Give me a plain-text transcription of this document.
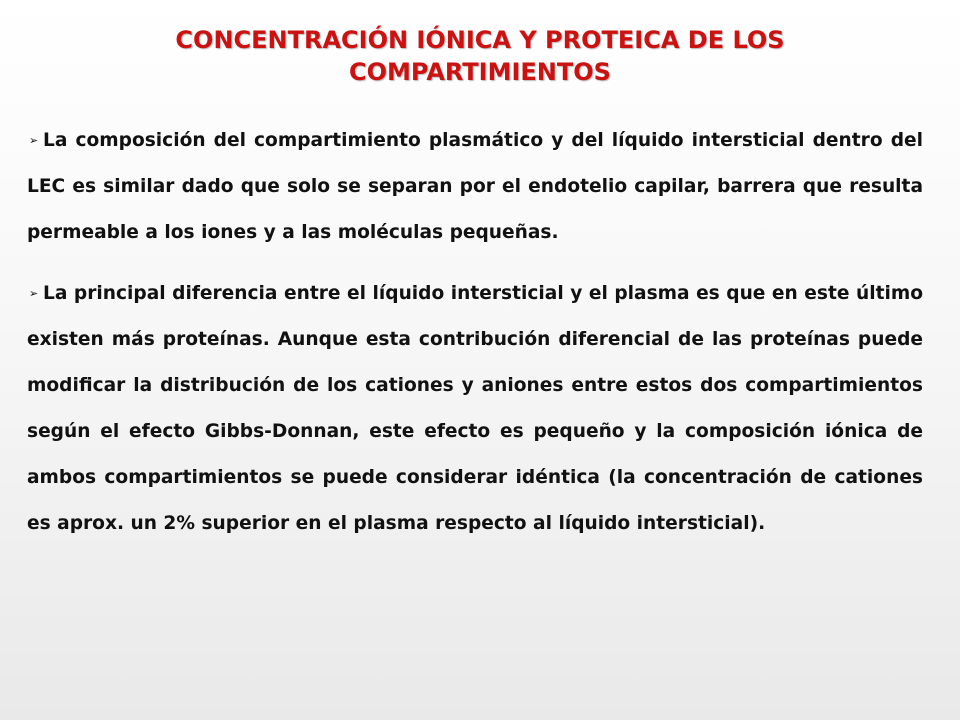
CONCENTRACIÓN IÓNICA Y PROTEICA DE LOS COMPARTIMIENTOS

➢ La composición del compartimiento plasmático y del líquido intersticial dentro del LEC es similar dado que solo se separan por el endotelio capilar, barrera que resulta permeable a los iones y a las moléculas pequeñas.

➢ La principal diferencia entre el líquido intersticial y el plasma es que en este último existen más proteínas. Aunque esta contribución diferencial de las proteínas puede modificar la distribución de los cationes y aniones entre estos dos compartimientos según el efecto Gibbs-Donnan, este efecto es pequeño y la composición iónica de ambos compartimientos se puede considerar idéntica (la concentración de cationes es aprox. un 2% superior en el plasma respecto al líquido intersticial).
